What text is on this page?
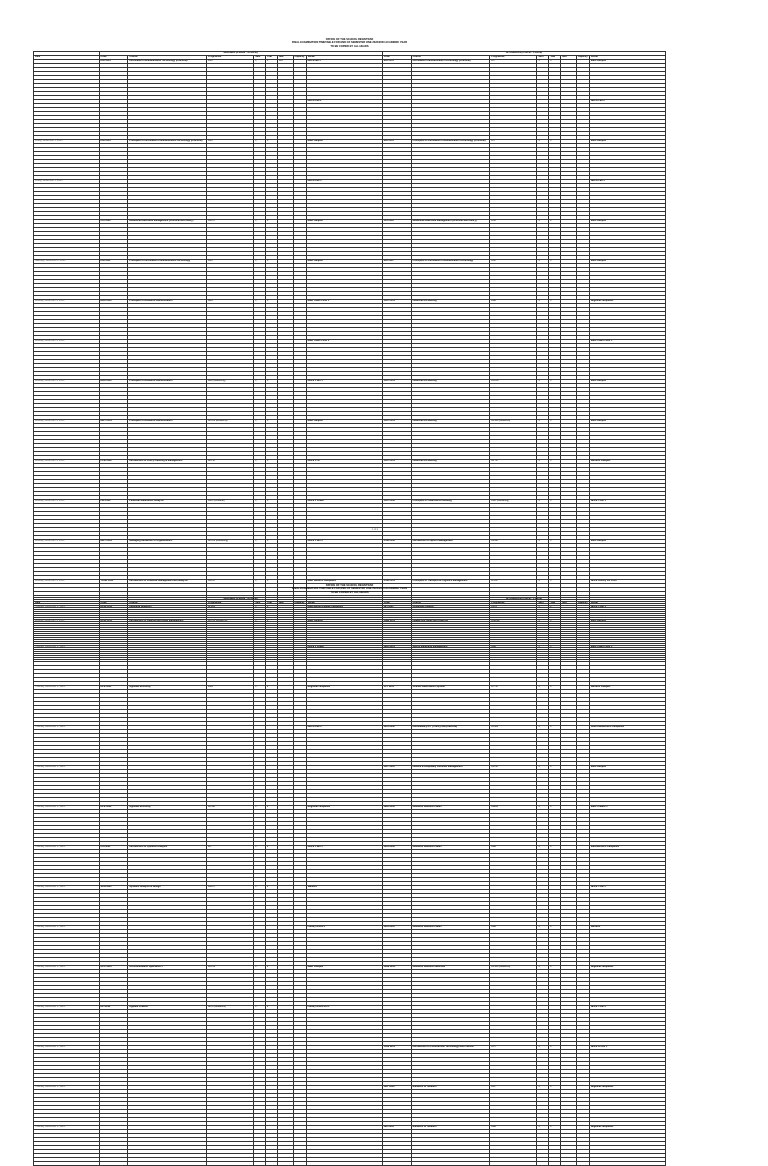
OFFICE OF THE SCHOOL REGISTRAR
FINAL EXAMINATION TIMETABLE FOR END OF SEMESTER ONE 2022/2023 ACADEMIC YEAR
TO BE COPIED BY ALL HEADS
	MORNING (8:30AM - 12:30PM)								AFTERNOON (2:00PM - 5:00PM)							
Date	Code	Course	Programme	Sem	Year	Size	Capacity	Venue	Code	Course	Programme	Sem	Year	Size	Capacity	Venue
	IAR 0101	Information Communication Technology (Practical)	BSIT	1	1	120		HRCR lab 1	IAR 0101	Information Communication Technology (Practical)	BIT	1	1			Main campus

								HRCR Lab 2								HRCR Lab 3

Friday, December 1, 2023	IAR 0101	Principles of Information Communication Technology (Practical)	BSIT	1	1			Main campus	IAR 0101	Principles of Information Communication Technology (Practical)	BIT	1	1			Main campus

Friday, December 1, 2023								HRCR Lab 4								HRCR Lab 4

	CIS 0106	Relational Data Base Management (Practical and theory)	BSCS	1	2			Main campus	CIS 0106	Relational Data Base Management (Practical and theory)	BSC	1	2			Main campus

Saturday, December 2, 2023	IAR 0111	Principles of Information Communication Technology	BSIT	1	1			Main campus	IAR 0111	Principles of Information Communication Technology	BSIT	1	1			Main campus

Monday, December 4, 2023	BBA 0101	Principles of Business Administration	BBA	1	1			Main Tower Floor 1	ACC 0101	Financial Accounting	BBA	1	1			Regional campuses

Monday, December 4, 2023								Main Tower Floor 2								Main Tower Floor 1

Monday, December 4, 2023	BBA 0101	Principles of Business Administration	BBA (Marketing)	1	1			Block 5 Rm 1	ACC 0101	Financial Accounting	BCOM	1	1			Main campus

Monday, December 4, 2023	MGT 0101	Principles of Business Administration	BCOM (Relations)	1	1			Main campus	ACC 0101	Financial Accounting	BPSM (Relations)	1	1			Main campus

Monday, December 4, 2023	PPM 0102	Introduction to Policy Planning & Management	BPPM	1	1			Block PTD	ACC 0101	Financial Accounting	BPTD	1	1			Western Campus

Monday, December 4, 2023	FIN 0103	Financial Statements Analysis	BSC (Actuarial)	1	1			Block 1 Lower	ACC 0102	Principles of Financial Accounting	BBC (Marketing)	1	1			Block 5 Rm 1

Monday, December 4, 2023	MGT 0104	Managing Behaviour in Organizations	BCOM (Marketing)	1	1			Block 5 Rm 3	HTM 0102	Introduction to Sports Management	BLNM	1	1			Main campus

Monday, December 4, 2023	TOUR 0101	Introduction to Financial management and analysis	BSCA	1	1			Main Western Campuses	HTM 0101	Principles of Transport & Logistics Management	BTLM	1	1			Block Library 1st Floor

Monday, December 4, 2023	HCM 0104	Introduction of Catering and Hotel Management	BCHM (Relations)	1	1			Main campus	HSM 0101	Leadership Study and Analysis	BSBSM	1	1			Main campus

1 of 2
OFFICE OF THE SCHOOL REGISTRAR
FINAL EXAMINATION TIMETABLE FOR END OF SEMESTER ONE 2022/2023 ACADEMIC YEAR
TO BE COPIED BY ALL HEADS
	MORNING (8:30AM - 12:30PM)								AFTERNOON (2:00PM - 5:00PM)							
Date	Code	Course	Programme	Sem	Year	Size	Capacity	Venue	Code	Course	Programme	Sem	Year	Size	Capacity	Venue
Tuesday, December 5, 2023	BCM 0106	Industrial Relations	BHRM	1	2			Main/Western/Mbale campuses	BFI 0201	Advanced Finance	BFIN	1	2			Block 5 Rm 1

Tuesday, December 5, 2023								Block 1 Lower	BBA 0201	Sports Marketing Management	BBA	1	2			Main Tower Floor 1

Tuesday, December 5, 2023	BPE 0201	Agrarian Economy	BSA	1	2			Regional campuses	ATT 0201	Airlines Reservation System	BTTM	1	2			Western Campus

Tuesday, December 5, 2023								HRCR Lab 4	BCS 0202	Intermediary ICT (Theory and practical)	BCSM	1	2			Lead Lab/Western Campuses

Tuesday, December 5, 2023									HOT 0201	Leisure & Hospitality Facilities Management	BLHM	1	2			Main campus

Tuesday, December 5, 2023	BPE 0202	Agrarian Economy	BPSM	1	2			Regional campuses	BBA 0202	Business Research Skills	BBAM	1	2			Main Theatre 1

Tuesday, December 5, 2023	CIS 0201	Introduction to Systems Analysis	BIT	1	2			Block 5 Rm 5	BUS 0203	Business Research Skills	BBA	1	2			Main/Western Campuses

Tuesday, December 5, 2023	SAN 0201	Systems Analysis & Design	BSCIT	1	2			Western								Block 5 Rm 5

Tuesday, December 5, 2023								Library Block 3	BUS 0201	Business Research Skills	BBA	1	2			Western

Tuesday, December 5, 2023	ACC 0201	Accommodation Operations I	BCHM	1	2			Main Campus	HOM 0201	Business Research Methods	BPSM (Relations)	1	2			Regional campuses

Tuesday, December 5, 2023	BFI 0202	Applied Finance	BFIN (Relations)	1	2			Library Block Rm 1								Block 5 Rm 3

Tuesday, December 5, 2023									CAM 0201	Introduction to Construction Technology and Practice	BCT	1	2			Block 12 Rm 1

Tuesday, December 5, 2023									BAT 0206	Elements of Taxation	BAT	1	2			Regional campuses

Tuesday, December 5, 2023									BIR 0204	Elements of Taxation	BBA	1	2			Regional campuses
